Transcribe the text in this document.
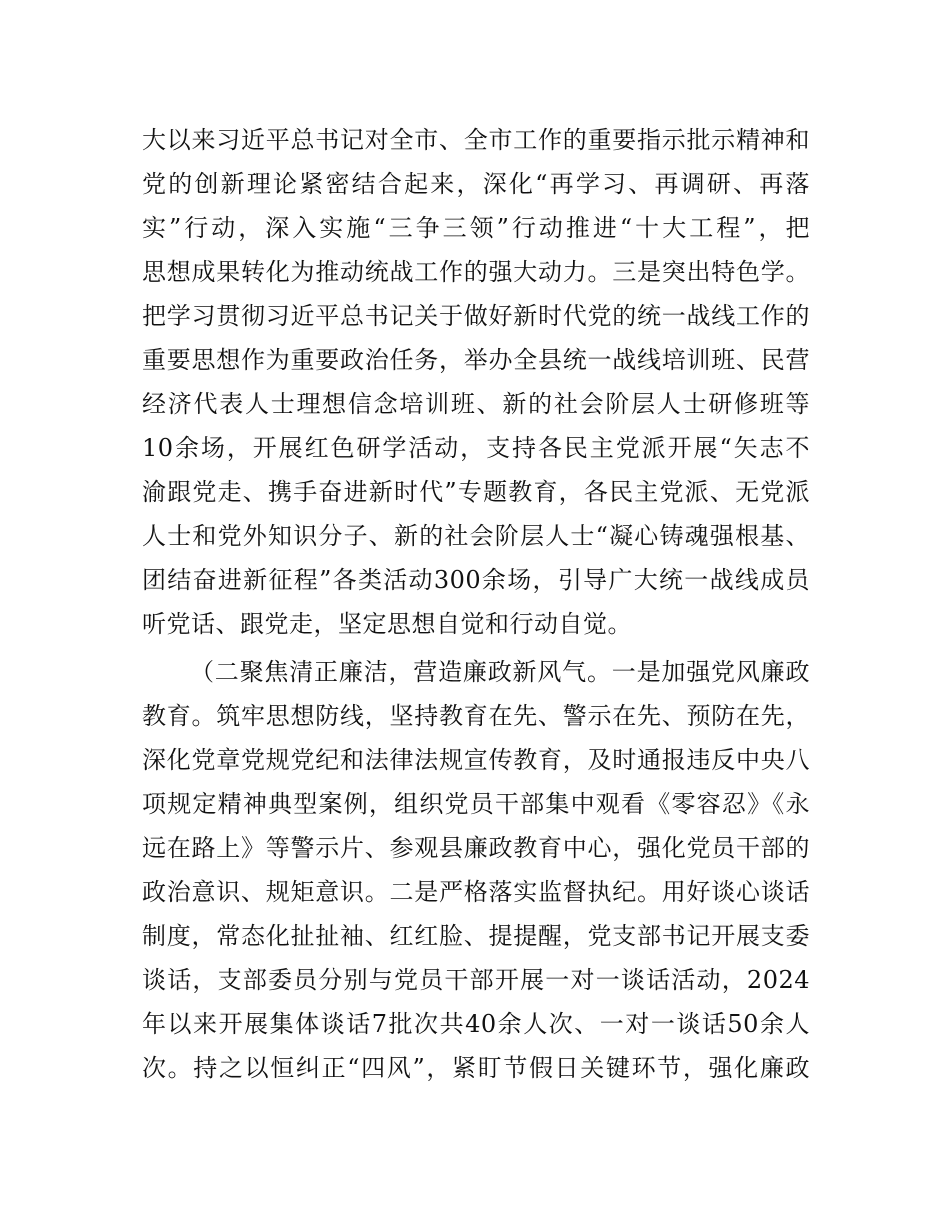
大以来习近平总书记对全市、全市工作的重要指示批示精神和
党的创新理论紧密结合起来，深化“再学习、再调研、再落
实”行动，深入实施“三争三领”行动推进“十大工程”，把
思想成果转化为推动统战工作的强大动力。三是突出特色学。
把学习贯彻习近平总书记关于做好新时代党的统一战线工作的
重要思想作为重要政治任务，举办全县统一战线培训班、民营
经济代表人士理想信念培训班、新的社会阶层人士研修班等
10余场，开展红色研学活动，支持各民主党派开展“矢志不
渝跟党走、携手奋进新时代”专题教育，各民主党派、无党派
人士和党外知识分子、新的社会阶层人士“凝心铸魂强根基、
团结奋进新征程”各类活动300余场，引导广大统一战线成员
听党话、跟党走，坚定思想自觉和行动自觉。
（二聚焦清正廉洁，营造廉政新风气。一是加强党风廉政
教育。筑牢思想防线，坚持教育在先、警示在先、预防在先，
深化党章党规党纪和法律法规宣传教育，及时通报违反中央八
项规定精神典型案例，组织党员干部集中观看《零容忍》《永
远在路上》等警示片、参观县廉政教育中心，强化党员干部的
政治意识、规矩意识。二是严格落实监督执纪。用好谈心谈话
制度，常态化扯扯袖、红红脸、提提醒，党支部书记开展支委
谈话，支部委员分别与党员干部开展一对一谈话活动，2024
年以来开展集体谈话7批次共40余人次、一对一谈话50余人
次。持之以恒纠正“四风”，紧盯节假日关键环节，强化廉政
